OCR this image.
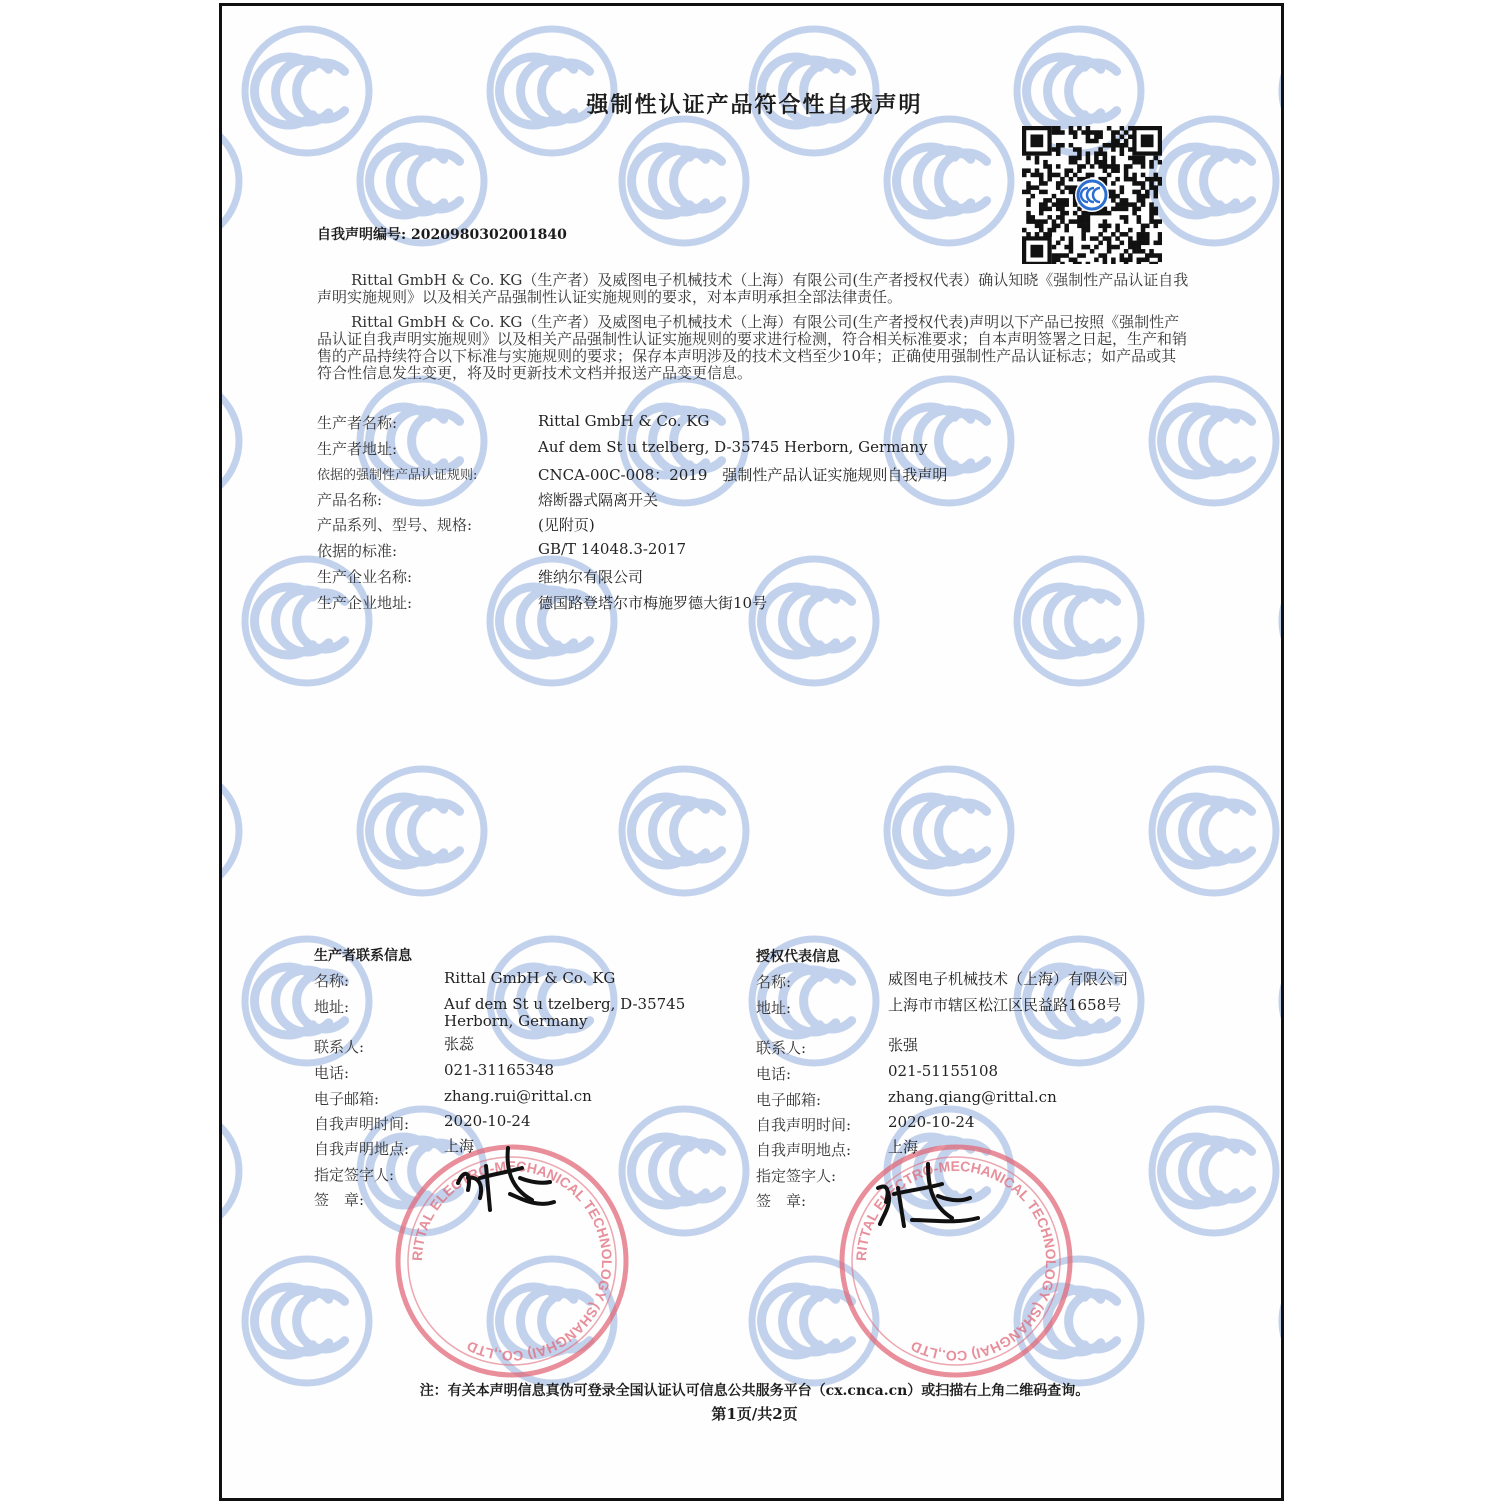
强制性认证产品符合性自我声明
自我声明编号: 2020980302001840
Rittal GmbH & Co. KG（生产者）及威图电子机械技术（上海）有限公司(生产者授权代表）确认知晓《强制性产品认证自我声明实施规则》以及相关产品强制性认证实施规则的要求，对本声明承担全部法律责任。
Rittal GmbH & Co. KG（生产者）及威图电子机械技术（上海）有限公司(生产者授权代表)声明以下产品已按照《强制性产品认证自我声明实施规则》以及相关产品强制性认证实施规则的要求进行检测，符合相关标准要求；自本声明签署之日起，生产和销售的产品持续符合以下标准与实施规则的要求；保存本声明涉及的技术文档至少10年；正确使用强制性产品认证标志；如产品或其符合性信息发生变更，将及时更新技术文档并报送产品变更信息。
生产者名称:	Rittal GmbH & Co. KG
生产者地址:	Auf dem St u tzelberg, D-35745 Herborn, Germany
依据的强制性产品认证规则:	CNCA-00C-008：2019　强制性产品认证实施规则自我声明
产品名称:	熔断器式隔离开关
产品系列、型号、规格:	(见附页)
依据的标准:	GB/T 14048.3-2017
生产企业名称:	维纳尔有限公司
生产企业地址:	德国路登塔尔市梅施罗德大街10号
RITTAL ELECTRO-MECHANICAL TECHNOLOGY (SHANGHAI) CO.,LTD
RITTAL ELECTRO-MECHANICAL TECHNOLOGY (SHANGHAI) CO.,LTD
生产者联系信息
名称:	Rittal GmbH & Co. KG
地址:	Auf dem St u tzelberg, D-35745 Herborn, Germany
联系人:	张蕊
电话:	021-31165348
电子邮箱:	zhang.rui@rittal.cn
自我声明时间: 2020-10-24
自我声明地点: 上海
指定签字人:
签　章:
授权代表信息
名称:	威图电子机械技术（上海）有限公司
地址:	上海市市辖区松江区民益路1658号
联系人:	张强
电话:	021-51155108
电子邮箱:	zhang.qiang@rittal.cn
自我声明时间: 2020-10-24
自我声明地点: 上海
指定签字人:
签　章:
注：有关本声明信息真伪可登录全国认证认可信息公共服务平台（cx.cnca.cn）或扫描右上角二维码查询。
第1页/共2页
